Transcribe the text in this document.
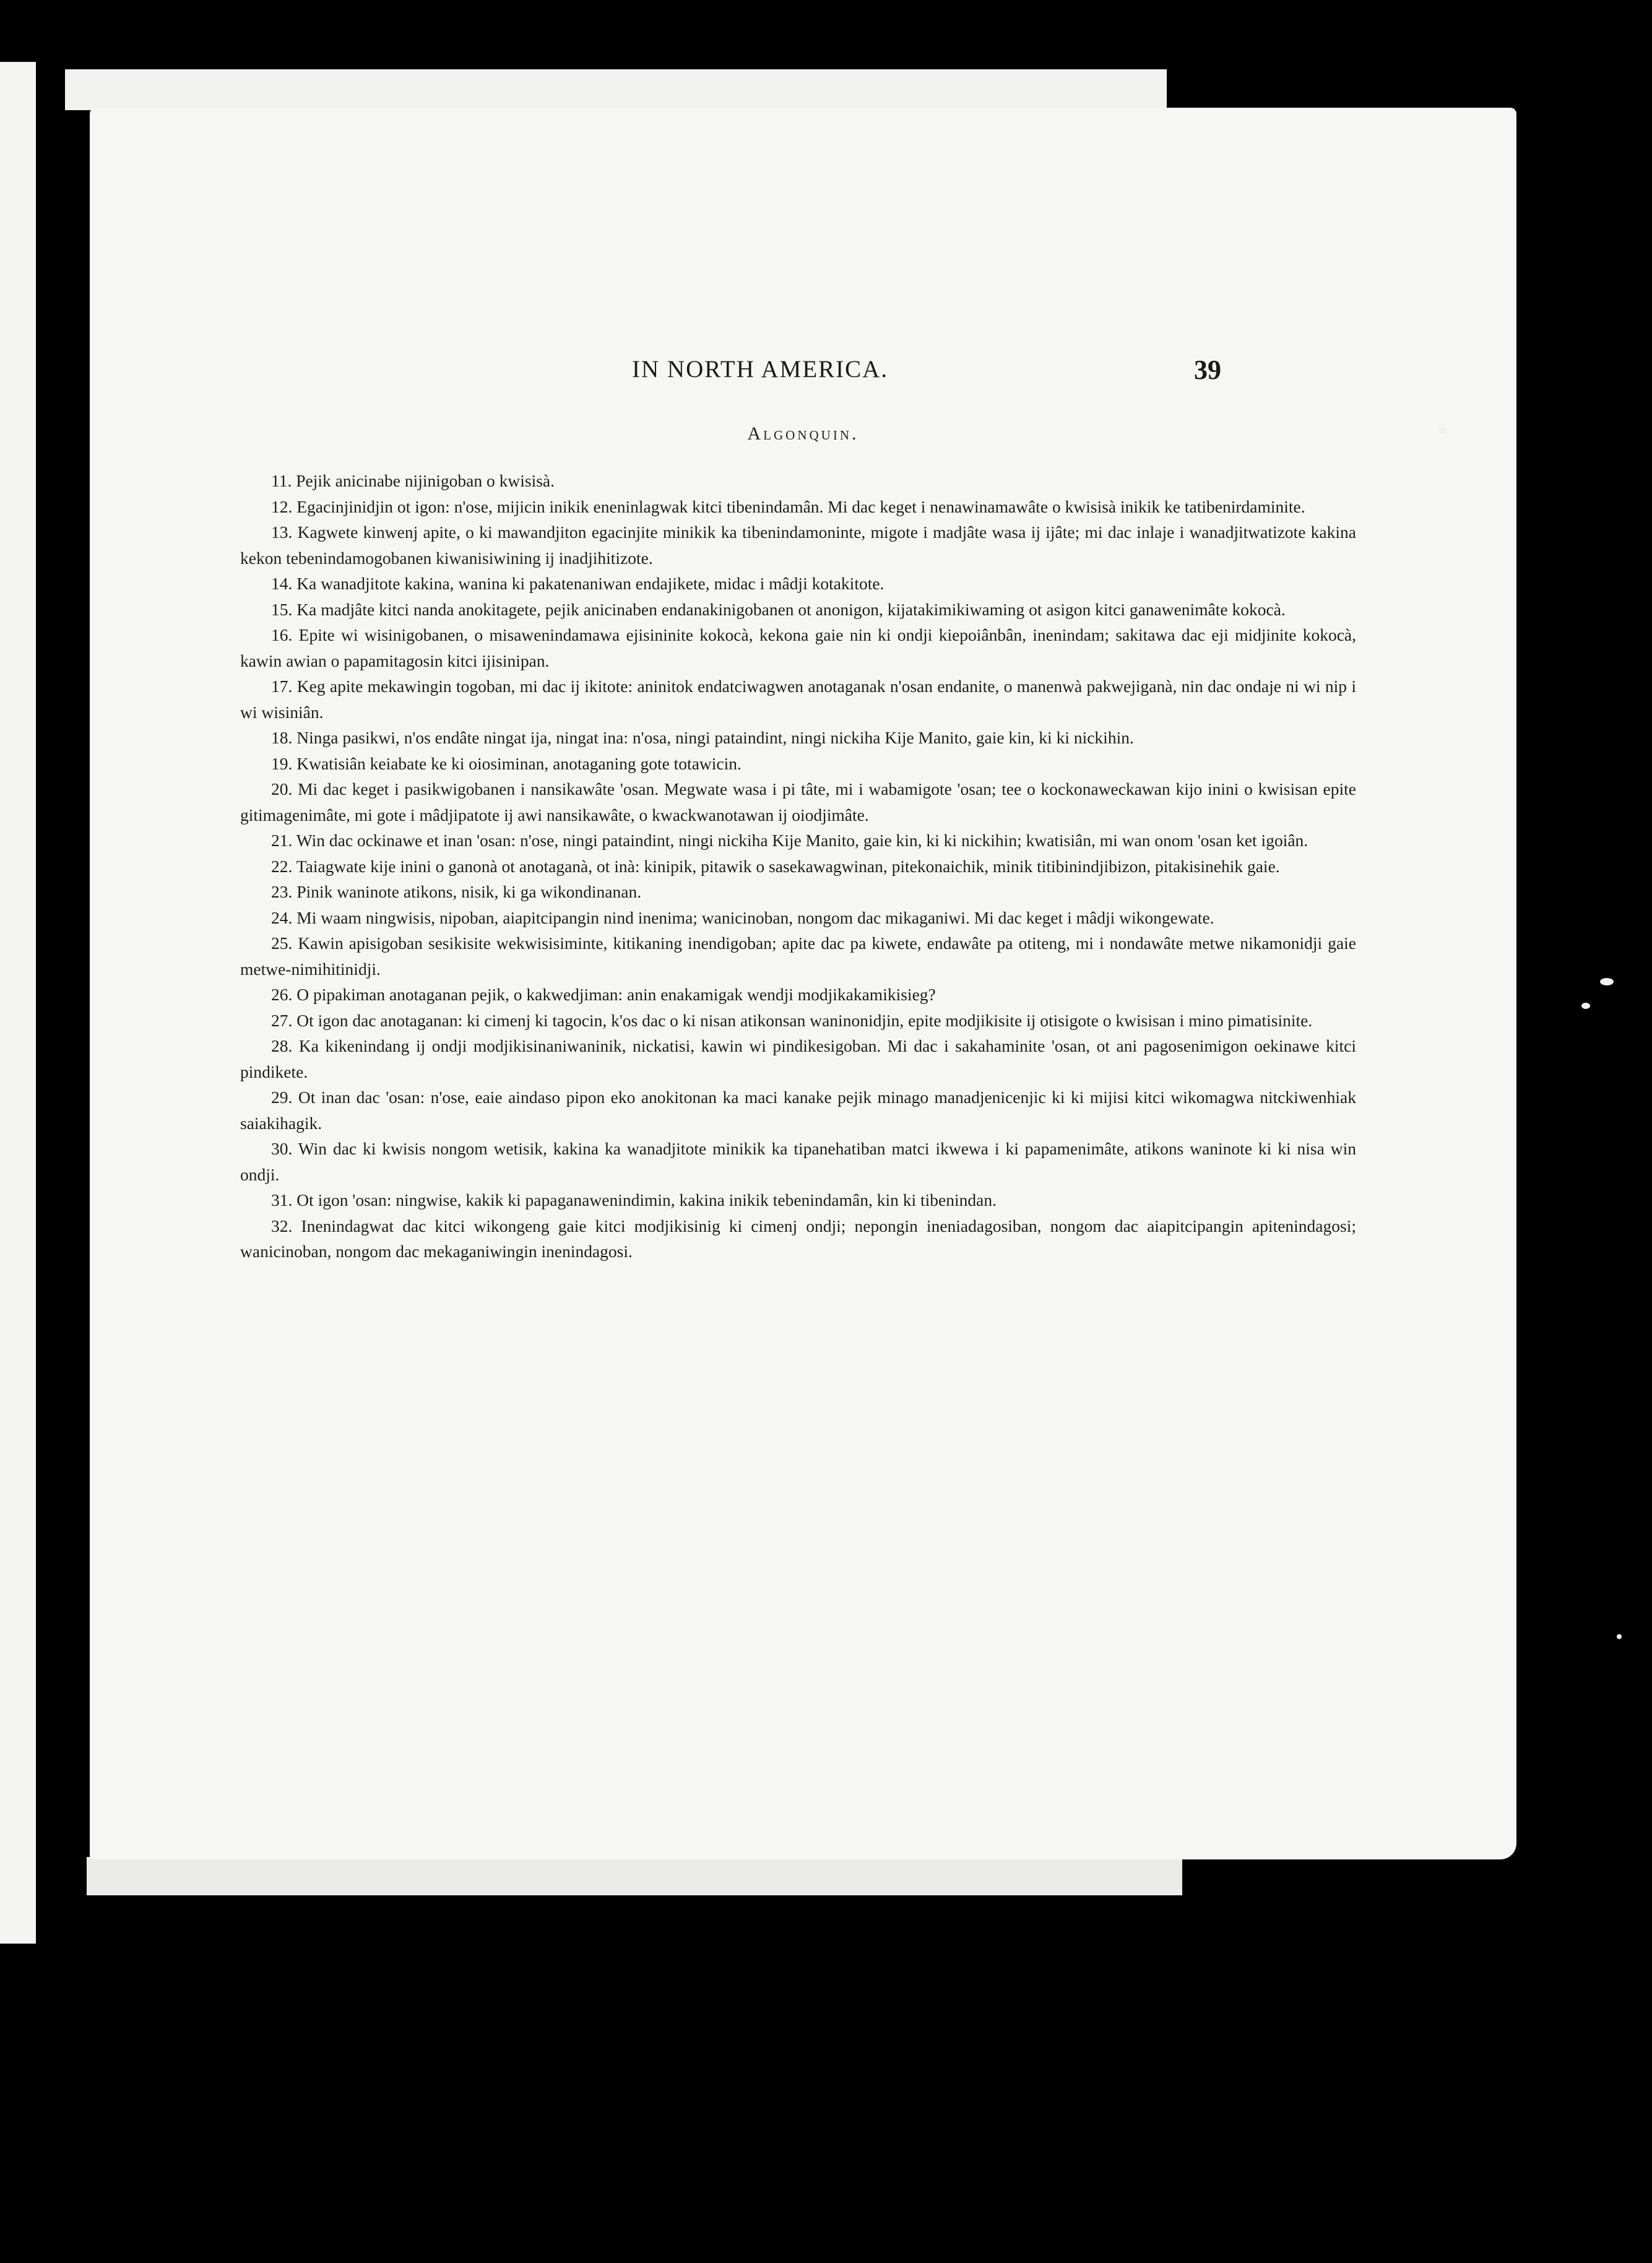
IN NORTH AMERICA.	39
Algonquin.
11. Pejik anicinabe nijinigoban o kwisisà.
12. Egacinjinidjin ot igon: n'ose, mijicin inikik eneninlagwak kitci tibenindamân. Mi dac keget i nenawinamawâte o kwisisà inikik ke tatibenirdaminite.
13. Kagwete kinwenj apite, o ki mawandjiton egacinjite minikik ka tibenindamoninte, migote i madjâte wasa ij ijâte; mi dac inlaje i wanadjitwatizote kakina kekon tebenindamogobanen kiwanisiwining ij inadjihitizote.
14. Ka wanadjitote kakina, wanina ki pakatenaniwan endajikete, midac i mâdji kotakitote.
15. Ka madjâte kitci nanda anokitagete, pejik anicinaben endanakinigobanen ot anonigon, kijatakimikiwaming ot asigon kitci ganawenimâte kokocà.
16. Epite wi wisinigobanen, o misawenindamawa ejisininite kokocà, kekona gaie nin ki ondji kiepoiânbân, inenindam; sakitawa dac eji midjinite kokocà, kawin awian o papamitagosin kitci ijisinipan.
17. Keg apite mekawingin togoban, mi dac ij ikitote: aninitok endatciwagwen anotaganak n'osan endanite, o manenwà pakwejiganà, nin dac ondaje ni wi nip i wi wisiniân.
18. Ninga pasikwi, n'os endâte ningat ija, ningat ina: n'osa, ningi pataindint, ningi nickiha Kije Manito, gaie kin, ki ki nickihin.
19. Kwatisiân keiabate ke ki oiosiminan, anotaganing gote totawicin.
20. Mi dac keget i pasikwigobanen i nansikawâte 'osan. Megwate wasa i pi tâte, mi i wabamigote 'osan; tee o kockonaweckawan kijo inini o kwisisan epite gitimagenimâte, mi gote i mâdjipatote ij awi nansikawâte, o kwackwanotawan ij oiodjimâte.
21. Win dac ockinawe et inan 'osan: n'ose, ningi pataindint, ningi nickiha Kije Manito, gaie kin, ki ki nickihin; kwatisiân, mi wan onom 'osan ket igoiân.
22. Taiagwate kije inini o ganonà ot anotaganà, ot inà: kinipik, pitawik o sasekawagwinan, pitekonaichik, minik titibinindjibizon, pitakisinehik gaie.
23. Pinik waninote atikons, nisik, ki ga wikondinanan.
24. Mi waam ningwisis, nipoban, aiapitcipangin nind inenima; wanicinoban, nongom dac mikaganiwi. Mi dac keget i mâdji wikongewate.
25. Kawin apisigoban sesikisite wekwisisiminte, kitikaning inendigoban; apite dac pa kiwete, endawâte pa otiteng, mi i nondawâte metwe nikamonidji gaie metwe-nimihitinidji.
26. O pipakiman anotaganan pejik, o kakwedjiman: anin enakamigak wendji modjikakamikisieg?
27. Ot igon dac anotaganan: ki cimenj ki tagocin, k'os dac o ki nisan atikonsan waninonidjin, epite modjikisite ij otisigote o kwisisan i mino pimatisinite.
28. Ka kikenindang ij ondji modjikisinaniwaninik, nickatisi, kawin wi pindikesigoban. Mi dac i sakahaminite 'osan, ot ani pagosenimigon oekinawe kitci pindikete.
29. Ot inan dac 'osan: n'ose, eaie aindaso pipon eko anokitonan ka maci kanake pejik minago manadjenicenjic ki ki mijisi kitci wikomagwa nitckiwenhiak saiakihagik.
30. Win dac ki kwisis nongom wetisik, kakina ka wanadjitote minikik ka tipanehatiban matci ikwewa i ki papamenimâte, atikons waninote ki ki nisa win ondji.
31. Ot igon 'osan: ningwise, kakik ki papaganawenindimin, kakina inikik tebenindamân, kin ki tibenindan.
32. Inenindagwat dac kitci wikongeng gaie kitci modjikisinig ki cimenj ondji; nepongin ineniadagosiban, nongom dac aiapitcipangin apitenindagosi; wanicinoban, nongom dac mekaganiwingin inenindagosi.
